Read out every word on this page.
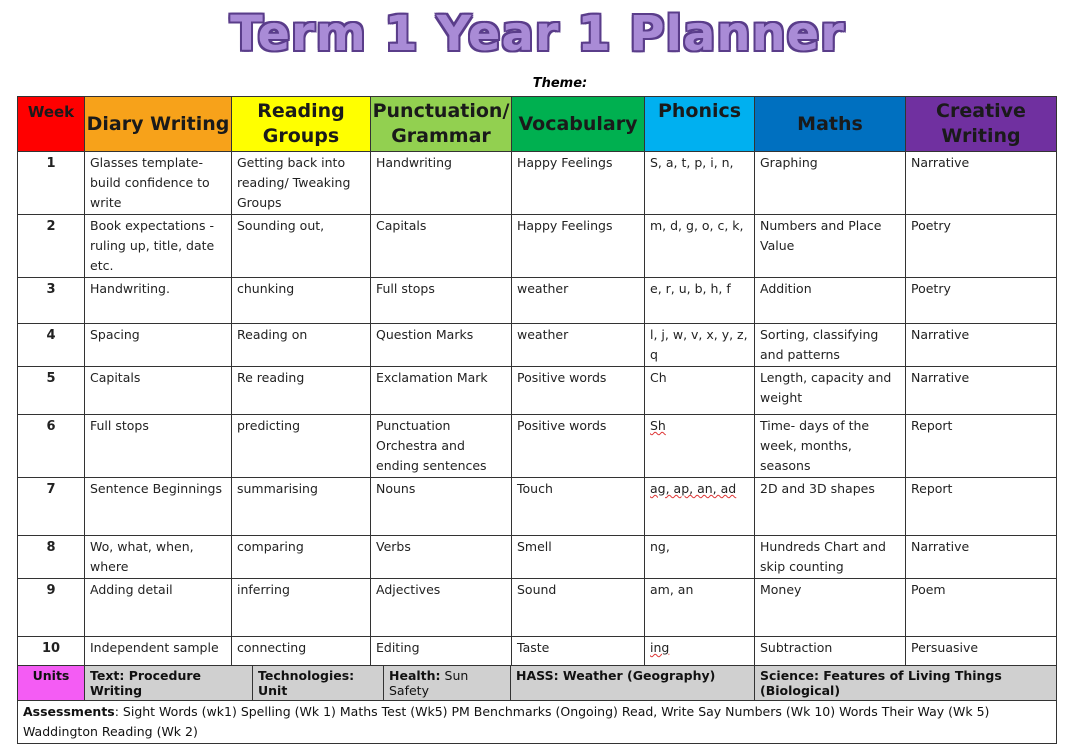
Term 1 Year 1 Planner
Theme:
Week	Diary Writing	Reading Groups	Punctuation/ Grammar	Vocabulary	Phonics	Maths	Creative Writing
1	Glasses template- build confidence to write	Getting back into reading/ Tweaking Groups	Handwriting	Happy Feelings	S, a, t, p, i, n,	Graphing	Narrative
2	Book expectations - ruling up, title, date etc.	Sounding out,	Capitals	Happy Feelings	m, d, g, o, c, k,	Numbers and Place Value	Poetry
3	Handwriting.	chunking	Full stops	weather	e, r, u, b, h, f	Addition	Poetry
4	Spacing	Reading on	Question Marks	weather	l, j, w, v, x, y, z, q	Sorting, classifying and patterns	Narrative
5	Capitals	Re reading	Exclamation Mark	Positive words	Ch	Length, capacity and weight	Narrative
6	Full stops	predicting	Punctuation Orchestra and ending sentences	Positive words	Sh	Time- days of the week, months, seasons	Report
7	Sentence Beginnings	summarising	Nouns	Touch	ag, ap, an, ad	2D and 3D shapes	Report
8	Wo, what, when, where	comparing	Verbs	Smell	ng,	Hundreds Chart and skip counting	Narrative
9	Adding detail	inferring	Adjectives	Sound	am, an	Money	Poem
10	Independent sample	connecting	Editing	Taste	ing	Subtraction	Persuasive
Units	Text: Procedure Writing	Technologies: Unit	Health: Sun Safety	HASS: Weather (Geography)	Science: Features of Living Things (Biological)
Assessments: Sight Words (wk1) Spelling (Wk 1) Maths Test (Wk5) PM Benchmarks (Ongoing) Read, Write Say Numbers (Wk 10) Words Their Way (Wk 5) Waddington Reading (Wk 2)
